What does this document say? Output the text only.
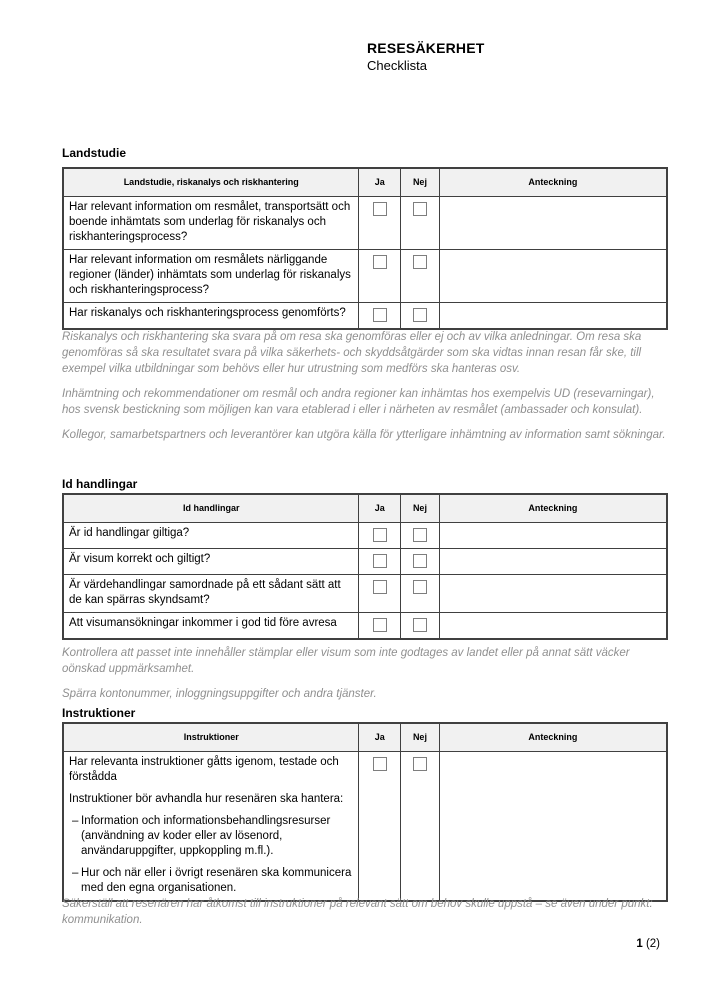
RESESÄKERHET
Checklista
Landstudie
Landstudie, riskanalys och riskhantering	Ja	Nej	Anteckning
Har relevant information om resmålet, transportsätt och boende inhämtats som underlag för riskanalys och riskhanteringsprocess?			
Har relevant information om resmålets närliggande regioner (länder) inhämtats som underlag för riskanalys och riskhanteringsprocess?			
Har riskanalys och riskhanteringsprocess genomförts?			

Riskanalys och riskhantering ska svara på om resa ska genomföras eller ej och av vilka anledningar. Om resa ska genomföras så ska resultatet svara på vilka säkerhets- och skyddsåtgärder som ska vidtas innan resan får ske, till exempel vilka utbildningar som behövs eller hur utrustning som medförs ska hanteras osv.

Inhämtning och rekommendationer om resmål och andra regioner kan inhämtas hos exempelvis UD (resevarningar), hos svensk bestickning som möjligen kan vara etablerad i eller i närheten av resmålet (ambassader och konsulat).

Kollegor, samarbetspartners och leverantörer kan utgöra källa för ytterligare inhämtning av information samt sökningar.

Id handlingar
Id handlingar	Ja	Nej	Anteckning
Är id handlingar giltiga?			
Är visum korrekt och giltigt?			
Är värdehandlingar samordnade på ett sådant sätt att de kan spärras skyndsamt?			
Att visumansökningar inkommer i god tid före avresa			

Kontrollera att passet inte innehåller stämplar eller visum som inte godtages av landet eller på annat sätt väcker oönskad uppmärksamhet.

Spärra kontonummer, inloggningsuppgifter och andra tjänster.

Instruktioner
Instruktioner	Ja	Nej	Anteckning

Har relevanta instruktioner gåtts igenom, testade och förstådda
Instruktioner bör avhandla hur resenären ska hantera:
– Information och informationsbehandlingsresurser (användning av koder eller av lösenord, användaruppgifter, uppkoppling m.fl.).
– Hur och när eller i övrigt resenären ska kommunicera med den egna organisationen.

Säkerställ att resenären har åtkomst till instruktioner på relevant sätt om behov skulle uppstå – se även under punkt: kommunikation.

1 (2)
